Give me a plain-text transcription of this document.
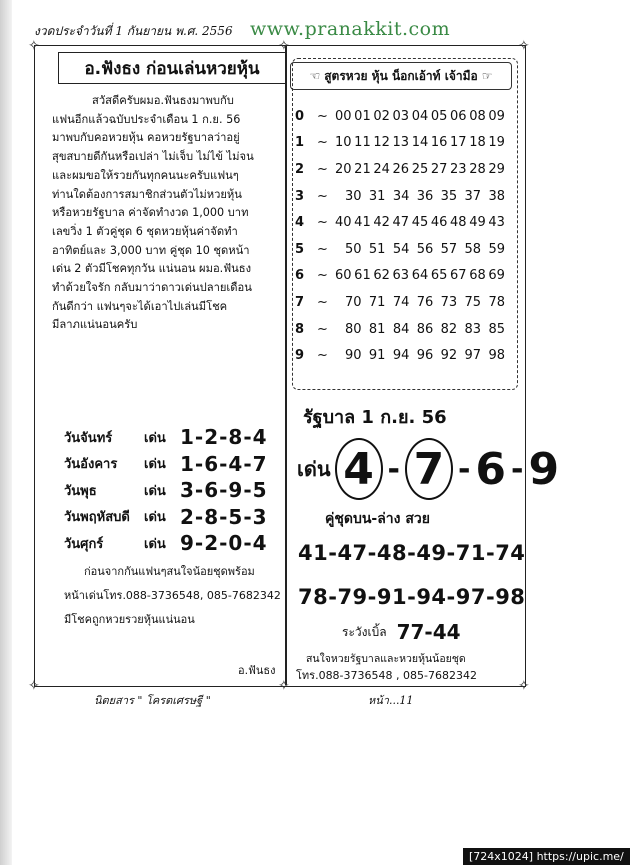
งวดประจำวันที่ 1 กันยายน พ.ศ. 2556 www.pranakkit.com
✧	✧	✧
✧	✧	✧
อ.ฟังธง ก่อนเล่นหวยหุ้น
สวัสดีครับผมอ.ฟันธงมาพบกับ
แฟนอีกแล้วฉบับประจำเดือน 1 ก.ย. 56
มาพบกับคอหวยหุ้น คอหวยรัฐบาลว่าอยู่
สุขสบายดีกันหรือเปล่า ไม่เจ็บ ไม่ไข้ ไม่จน
และผมขอให้รวยกันทุกคนนะครับแฟนๆ
ท่านใดต้องการสมาชิกส่วนตัวไม่หวยหุ้น
หรือหวยรัฐบาล ค่าจัดทำงวด 1,000 บาท
เลขวิ่ง 1 ตัวคู่ชุด 6 ชุดหวยหุ้นค่าจัดทำ
อาทิตย์และ 3,000 บาท คู่ชุด 10 ชุดหน้า
เด่น 2 ตัวมีโชคทุกวัน แน่นอน ผมอ.ฟันธง
ทำด้วยใจรัก กลับมาว่าดาวเด่นปลายเดือน
กันดีกว่า แฟนๆจะได้เอาไปเล่นมีโชค
มีลาภแน่นอนครับ
วันจันทร์	เด่น 1-2-8-4
วันอังคาร	เด่น 1-6-4-7
วันพุธ	เด่น 3-6-9-5
วันพฤหัสบดี	เด่น 2-8-5-3
วันศุกร์	เด่น 9-2-0-4
ก่อนจากกันแฟนๆสนใจน้อยชุดพร้อม
หน้าเด่นโทร.088-3736548, 085-7682342
มีโชคถูกหวยรวยหุ้นแน่นอน
อ.ฟันธง
☜ สูตรหวย หุ้น น็อกเอ้าท์ เจ้ามือ ☞
0 ~ 00 01 02 03 04 05 06 08 09
1 ~ 10 11 12 13 14 16 17 18 19
2 ~ 20 21 24 26 25 27 23 28 29
3 ~	30 31 34 36 35 37 38
4 ~ 40 41 42 47 45 46 48 49 43
5 ~	50 51 54 56 57 58 59
6 ~ 60 61 62 63 64 65 67 68 69
7 ~	70 71 74 76 73 75 78
8 ~	80 81 84 86 82 83 85
9 ~	90 91 94 96 92 97 98
รัฐบาล 1 ก.ย. 56
เด่น 4 - 7 - 6 - 9
คู่ชุดบน-ล่าง สวย
41-47-48-49-71-74
78-79-91-94-97-98
ระวังเบิ้ล 77-44
สนใจหวยรัฐบาลและหวยหุ้นน้อยชุด
โทร.088-3736548 , 085-7682342
นิตยสาร " โครตเศรษฐี "	หน้า...11
[724x1024] https://upic.me/
